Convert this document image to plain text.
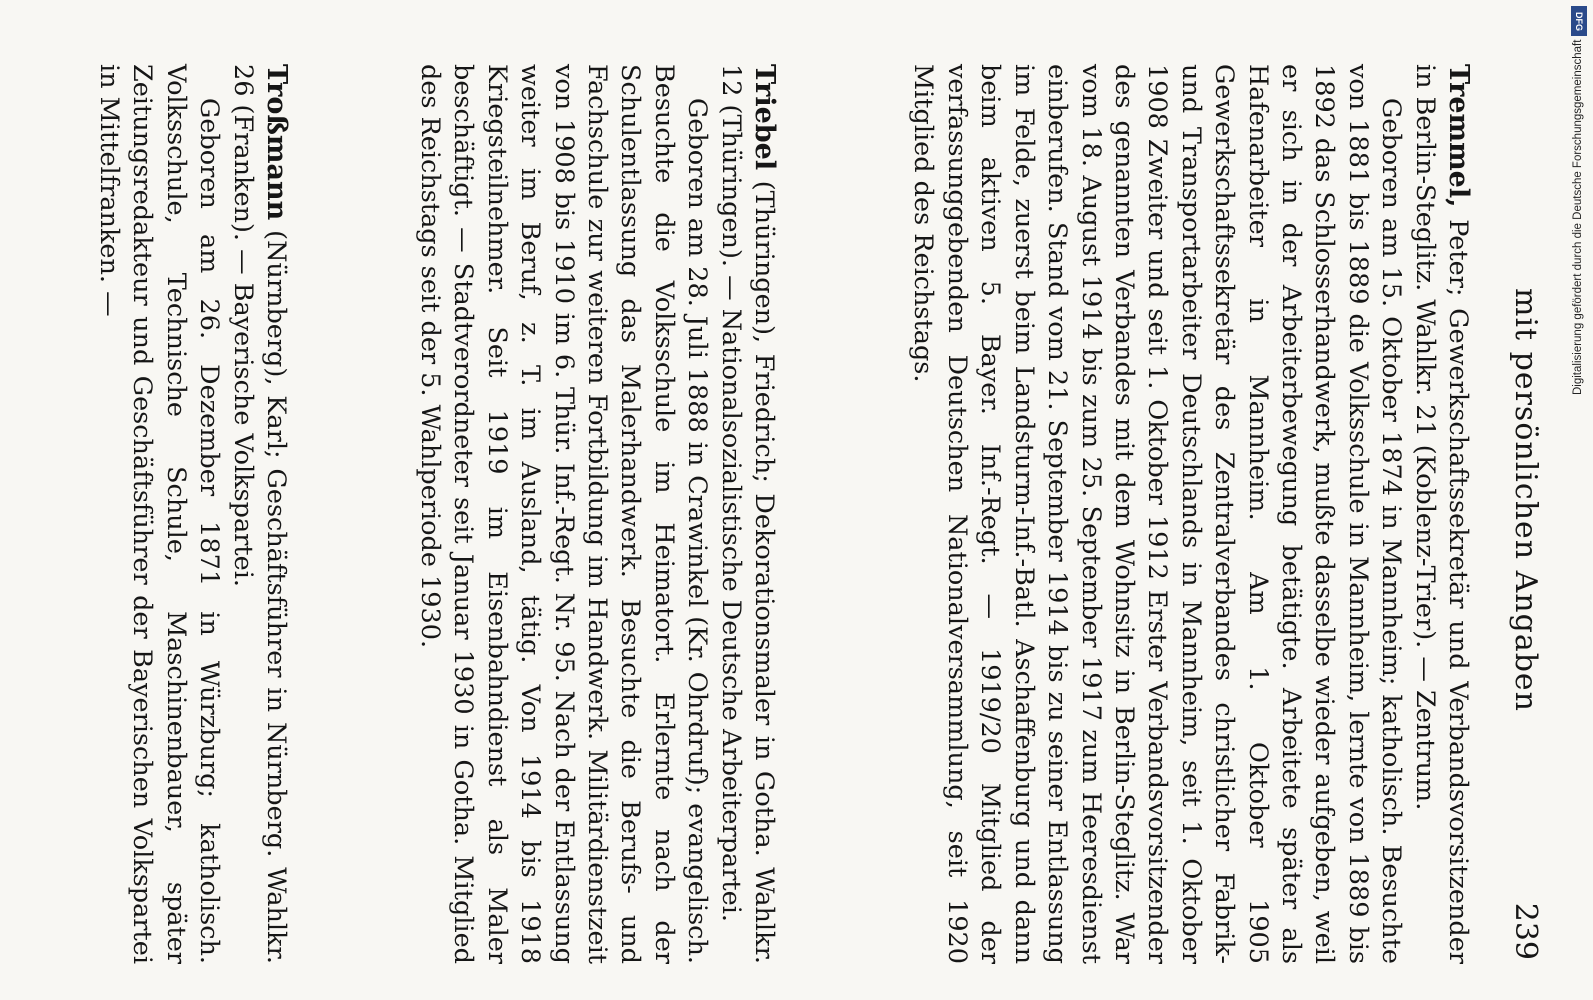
mit persönlichen Angaben
239

Tremmel, Peter; Gewerkschaftssekretär und Verbandsvorsitzender in Berlin-Steglitz. Wahlkr. 21 (Koblenz-Trier). — Zentrum.

Geboren am 15. Oktober 1874 in Mannheim; katholisch. Besuchte von 1881 bis 1889 die Volksschule in Mannheim, lernte von 1889 bis 1892 das Schlosserhandwerk, mußte dasselbe wieder aufgeben, weil er sich in der Arbeiterbewegung betätigte. Arbeitete später als Hafenarbeiter in Mannheim. Am 1. Oktober 1905 Gewerkschaftssekretär des Zentralverbandes christlicher Fabrik- und Transportarbeiter Deutschlands in Mannheim, seit 1. Oktober 1908 Zweiter und seit 1. Oktober 1912 Erster Verbandsvorsitzender des genannten Verbandes mit dem Wohnsitz in Berlin-Steglitz. War vom 18. August 1914 bis zum 25. September 1917 zum Heeresdienst einberufen. Stand vom 21. September 1914 bis zu seiner Entlassung im Felde, zuerst beim Landsturm-Inf.-Batl. Aschaffenburg und dann beim aktiven 5. Bayer. Inf.-Regt. — 1919/20 Mitglied der verfassunggebenden Deutschen Nationalversammlung, seit 1920 Mitglied des Reichstags.

Triebel (Thüringen), Friedrich; Dekorationsmaler in Gotha. Wahlkr. 12 (Thüringen). — Nationalsozialistische Deutsche Arbeiterpartei.

Geboren am 28. Juli 1888 in Crawinkel (Kr. Ohrdruf); evangelisch. Besuchte die Volksschule im Heimatort. Erlernte nach der Schulentlassung das Malerhandwerk. Besuchte die Berufs- und Fachschule zur weiteren Fortbildung im Handwerk. Militärdienstzeit von 1908 bis 1910 im 6. Thür. Inf.-Regt. Nr. 95. Nach der Entlassung weiter im Beruf, z. T. im Ausland, tätig. Von 1914 bis 1918 Kriegsteilnehmer. Seit 1919 im Eisenbahndienst als Maler beschäftigt. — Stadtverordneter seit Januar 1930 in Gotha. Mitglied des Reichstags seit der 5. Wahlperiode 1930.

Troßmann (Nürnberg), Karl; Geschäftsführer in Nürnberg. Wahlkr. 26 (Franken). — Bayerische Volkspartei.

Geboren am 26. Dezember 1871 in Würzburg; katholisch. Volksschule, Technische Schule, Maschinenbauer, später Zeitungsredakteur und Geschäftsführer der Bayerischen Volkspartei in Mittelfranken. —

DFG
Digitalisierung gefördert durch die Deutsche Forschungsgemeinschaft
